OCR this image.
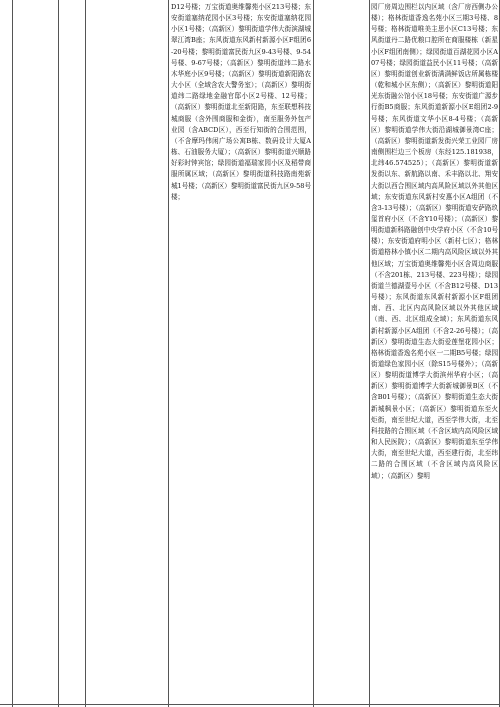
D12号楼；万宝街道奥维馨苑小区213号楼；东安街道塞纳花园小区3号楼；东安街道塞纳花园小区1号楼；（高新区）黎明街道学伟大街滨湖城翠江湾B座；东风街道东风新村新源小区F组团6-20号楼；黎明街道富民街九区9-43号楼、9-54号楼、9-67号楼；（高新区）黎明街道纬二路水木华庭小区9号楼；（高新区）黎明街道新阳路农大小区（全域含农大警务室）；（高新区）黎明街道纬二路绿地金融官邸小区2号楼、12号楼；（高新区）黎明街道北至新阳路，东至联想科技城商服（含外围商服和金街），南至服务外包产业园（含ABCD区），西至行知街的合围范围，（不含摩玛伟闲广场公寓B栋、数码设计大厦A栋、石油服务大厦）；（高新区）黎明街道兴顺路好彩时钟宾馆；绿园街道福瑞家园小区及稻带商服所属区域；（高新区）黎明街道科技路南苑新城1号楼；（高新区）黎明街道富民街九区9-58号楼；

园厂房周边围栏以内区域（含厂房西侧办公楼）；格林街道香逸名苑小区三期3号楼、8号楼；格林街道唯美主思小区C13号楼；东风街道丹二路优粮口腔所在商服楼栋（新星小区F组团南侧）；绿园街道百湖花园小区A07号楼；绿园街道益民小区11号楼；（高新区）黎明街道创业新街满满鲜饭店所属栋楼（乾和城小区东侧）；（高新区）黎明街道阳光东街融公馆小区18号楼；东安街道广源步行街B5商服；东风街道新源小区E组团2-9号楼；东风街道文华小区8-4号楼；（高新区）黎明街道学伟大街沿湖城御景湾C座；（高新区）黎明街道新发街兴荣工业园厂房南侧围栏边三个板房（东经125.181938，北纬46.574525）；（高新区）黎明街道新发街以东、新航路以南、禾丰路以北、翔安大街以西合围区域内高风险区域以外其他区域；东安街道东风新村安惠小区A组团（不含3-13号楼）；（高新区）黎明街道安萨路玖玺首府小区（不含Y10号楼）；（高新区）黎明街道新科路融创中央学府小区（不含10号楼）；东安街道府明小区（新村七区）；格林街道格林小镇小区二期内高风险区域以外其他区域；万宝街道奥维馨苑小区含周边商服（不含201栋、213号楼、223号楼）；绿园街道兰德湖壹号小区（不含B12号楼、D13号楼）；东风街道东风新村新源小区F组团南、西、北区内高风险区域以外其他区域（南、西、北区组成全域）；东风街道东风新村新源小区A组团（不含2-26号楼）；（高新区）黎明街道生态大街爱莲堡花园小区；格林街道香逸名苑小区一二期B5号楼；绿园街道绿色家园小区（除S15号楼外）；（高新区）黎明街道博学大街滨州华府小区；（高新区）黎明街道博学大街新城御景B区（不含B01号楼）；（高新区）黎明街道生态大街新城枫景小区；（高新区）黎明街道东至火炬街，南至世纪大道，西至学伟大街，北至科技路的合围区域（不含区域内高风险区域和人民医院）；（高新区）黎明街道东至学伟大街，南至世纪大道，西至建行街，北至纬二路的合围区域（不含区域内高风险区域）；（高新区）黎明
